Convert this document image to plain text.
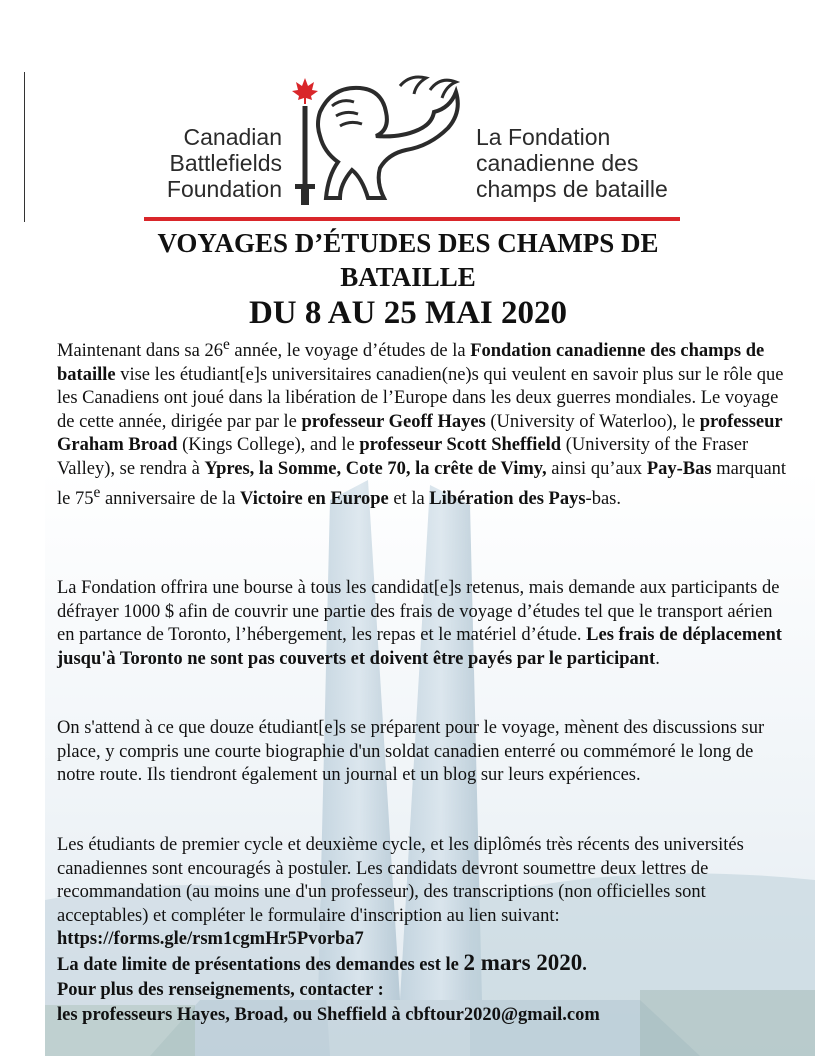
Canadian
Battlefields
Foundation
La Fondation
canadienne des
champs de bataille
VOYAGES D’ÉTUDES DES CHAMPS DE BATAILLE
DU 8 AU 25 MAI 2020
Maintenant dans sa 26e année, le voyage d’études de la Fondation canadienne des champs de bataille vise les étudiant[e]s universitaires canadien(ne)s qui veulent en savoir plus sur le rôle que les Canadiens ont joué dans la libération de l’Europe dans les deux guerres mondiales. Le voyage de cette année, dirigée par par le professeur Geoff Hayes (University of Waterloo), le professeur Graham Broad (Kings College), and le professeur Scott Sheffield (University of the Fraser Valley), se rendra à Ypres, la Somme, Cote 70, la crête de Vimy, ainsi qu’aux Pay-Bas marquant le 75e anniversaire de la Victoire en Europe et la Libération des Pays-bas.
La Fondation offrira une bourse à tous les candidat[e]s retenus, mais demande aux participants de défrayer 1000 $ afin de couvrir une partie des frais de voyage d’études tel que le transport aérien en partance de Toronto, l’hébergement, les repas et le matériel d’étude. Les frais de déplacement jusqu'à Toronto ne sont pas couverts et doivent être payés par le participant.
On s'attend à ce que douze étudiant[e]s se préparent pour le voyage, mènent des discussions sur place, y compris une courte biographie d'un soldat canadien enterré ou commémoré le long de notre route. Ils tiendront également un journal et un blog sur leurs expériences.
Les étudiants de premier cycle et deuxième cycle, et les diplômés très récents des universités canadiennes sont encouragés à postuler. Les candidats devront soumettre deux lettres de recommandation (au moins une d'un professeur), des transcriptions (non officielles sont acceptables) et compléter le formulaire d'inscription au lien suivant:
https://forms.gle/rsm1cgmHr5Pvorba7
La date limite de présentations des demandes est le 2 mars 2020.
Pour plus des renseignements, contacter :
les professeurs Hayes, Broad, ou Sheffield à cbftour2020@gmail.com
